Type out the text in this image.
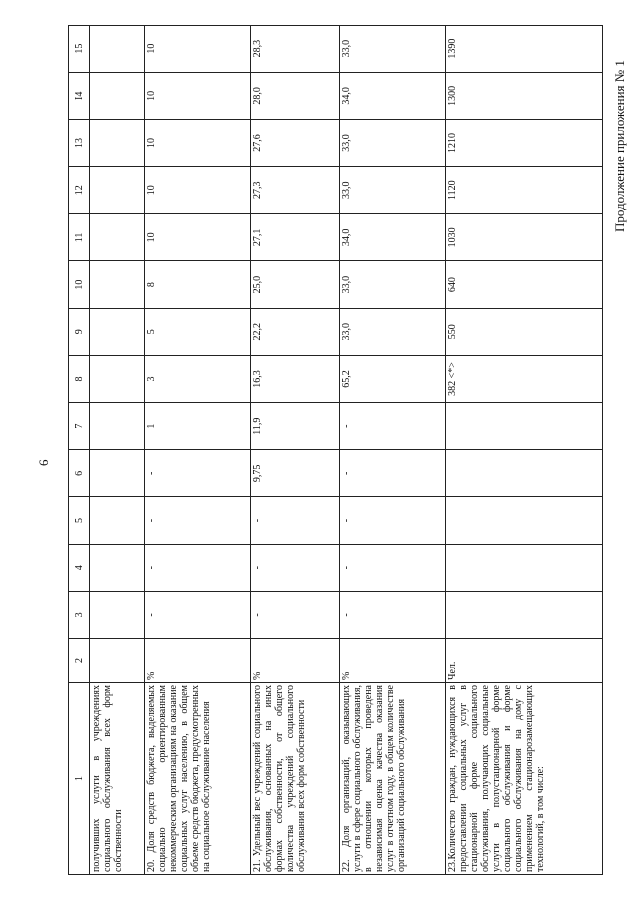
6
Продолжение приложения № 1
1	2	3	4	5	6	7	8	9	10	11	12	13	I4	15
получивших услуги в учреждениях социального обслуживания всех форм собственности														
20. Доля средств бюджета, выделяемых социально ориентированным некоммерческим организациям на оказание социальных услуг населению, в общем объеме средств бюджета, предусмотренных на социальное обслуживание населения	%	-	-	-	-	1	3	5	8	10	10	10	10	10
21. Удельный вес учреждений социального обслуживания, основанных на иных формах собственности, от общего количества учреждений социального обслуживания всех форм собственности	%	-	-	-	9,75	11,9	16,3	22,2	25,0	27,1	27,3	27,6	28,0	28,3
22. Доля организаций, оказывающих услуги в сфере социального обслуживания, в отношении которых проведена независимая оценка качества оказания услуг в отчетном году, в общем количестве организаций социального обслуживания	%	-	-	-	-	-	65,2	33,0	33,0	34,0	33,0	33,0	34,0	33,0
23.Количество граждан, нуждающихся в предоставлении социальных услуг в стационарной форме социального обслуживания, получающих социальные услуги в полустационарной форме социального обслуживания и форме социального обслуживания на дому с применением стационарозамещающих технологий, в том числе:	Чел.						382 <*>	550	640	1030	1120	1210	1300	1390
